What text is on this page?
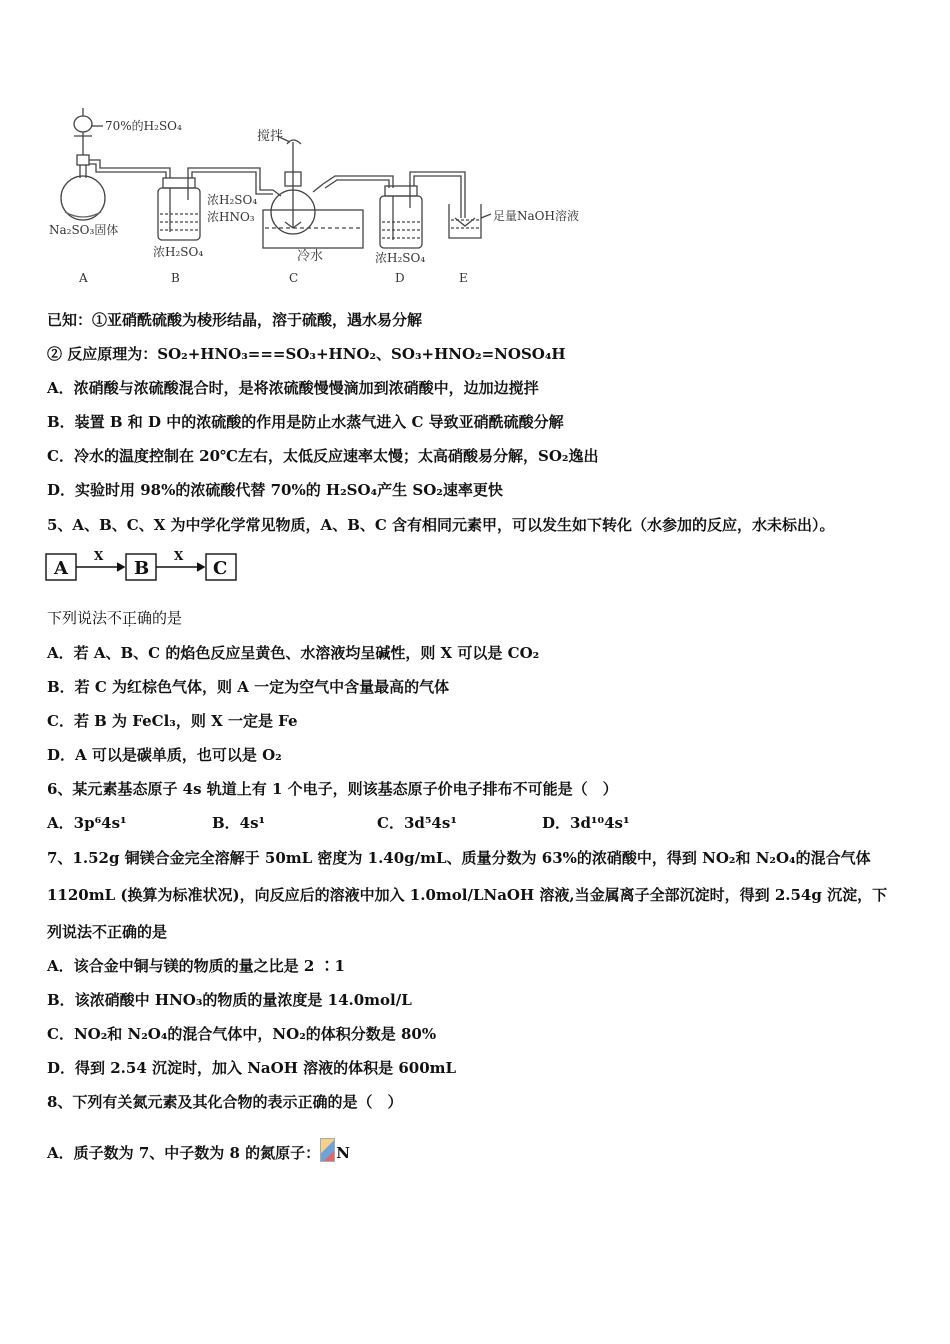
70%的H₂SO₄
Na₂SO₃固体
浓H₂SO₄
搅拌
浓H₂SO₄
浓HNO₃
冷水	浓H₂SO₄
足量NaOH溶液
A	B	C	D	E
已知：①亚硝酰硫酸为棱形结晶，溶于硫酸，遇水易分解
② 反应原理为：SO₂+HNO₃===SO₃+HNO₂、SO₃+HNO₂=NOSO₄H
A．浓硝酸与浓硫酸混合时，是将浓硫酸慢慢滴加到浓硝酸中，边加边搅拌
B．装置 B 和 D 中的浓硫酸的作用是防止水蒸气进入 C 导致亚硝酰硫酸分解
C．冷水的温度控制在 20℃左右，太低反应速率太慢；太高硝酸易分解，SO₂逸出
D．实验时用 98%的浓硫酸代替 70%的 H₂SO₄产生 SO₂速率更快
5、A、B、C、X 为中学化学常见物质，A、B、C 含有相同元素甲，可以发生如下转化（水参加的反应，水未标出）。
A	B	C
X	X
下列说法不正确的是
A．若 A、B、C 的焰色反应呈黄色、水溶液均呈碱性，则 X 可以是 CO₂
B．若 C 为红棕色气体，则 A 一定为空气中含量最高的气体
C．若 B 为 FeCl₃，则 X 一定是 Fe
D．A 可以是碳单质，也可以是 O₂
6、某元素基态原子 4s 轨道上有 1 个电子，则该基态原子价电子排布不可能是（　）
A．3p⁶4s¹	B．4s¹	C．3d⁵4s¹	D．3d¹⁰4s¹
7、1.52g 铜镁合金完全溶解于 50mL 密度为 1.40g/mL、质量分数为 63%的浓硝酸中，得到 NO₂和 N₂O₄的混合气体
1120mL (换算为标准状况)，向反应后的溶液中加入 1.0mol/LNaOH 溶液,当金属离子全部沉淀时，得到 2.54g 沉淀，下
列说法不正确的是
A．该合金中铜与镁的物质的量之比是 2 ∶1
B．该浓硝酸中 HNO₃的物质的量浓度是 14.0mol/L
C．NO₂和 N₂O₄的混合气体中，NO₂的体积分数是 80%
D．得到 2.54 沉淀时，加入 NaOH 溶液的体积是 600mL
8、下列有关氮元素及其化合物的表示正确的是（　）
A．质子数为 7、中子数为 8 的氮原子： N
